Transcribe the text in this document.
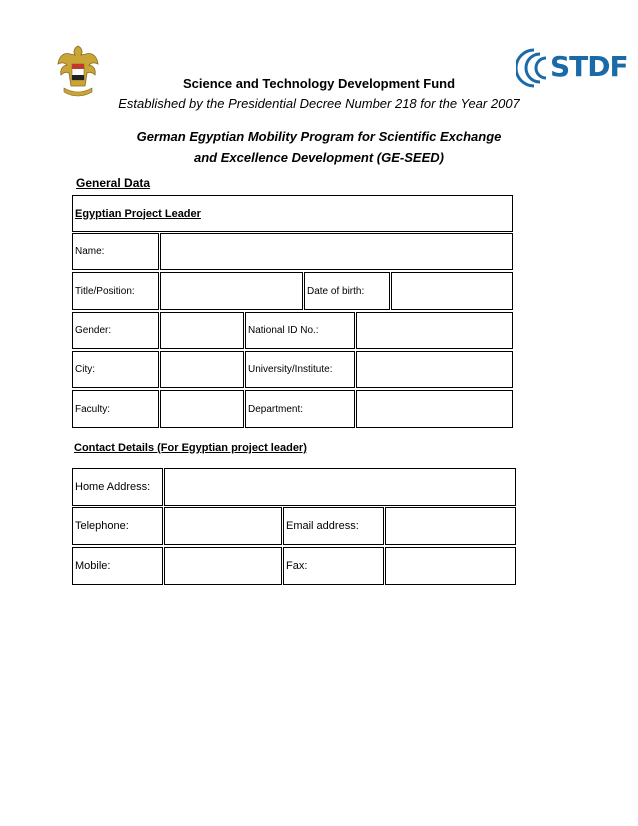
STDF
Science and Technology Development Fund
Established by the Presidential Decree Number 218 for the Year 2007
German Egyptian Mobility Program for Scientific Exchange
and Excellence Development (GE-SEED)
General Data
Egyptian Project Leader
Name:
Title/Position:	Date of birth:
Gender:	National ID No.:
City:	University/Institute:
Faculty:	Department:
Contact Details (For Egyptian project leader)
Home Address:
Telephone:	Email address:
Mobile:	Fax:
